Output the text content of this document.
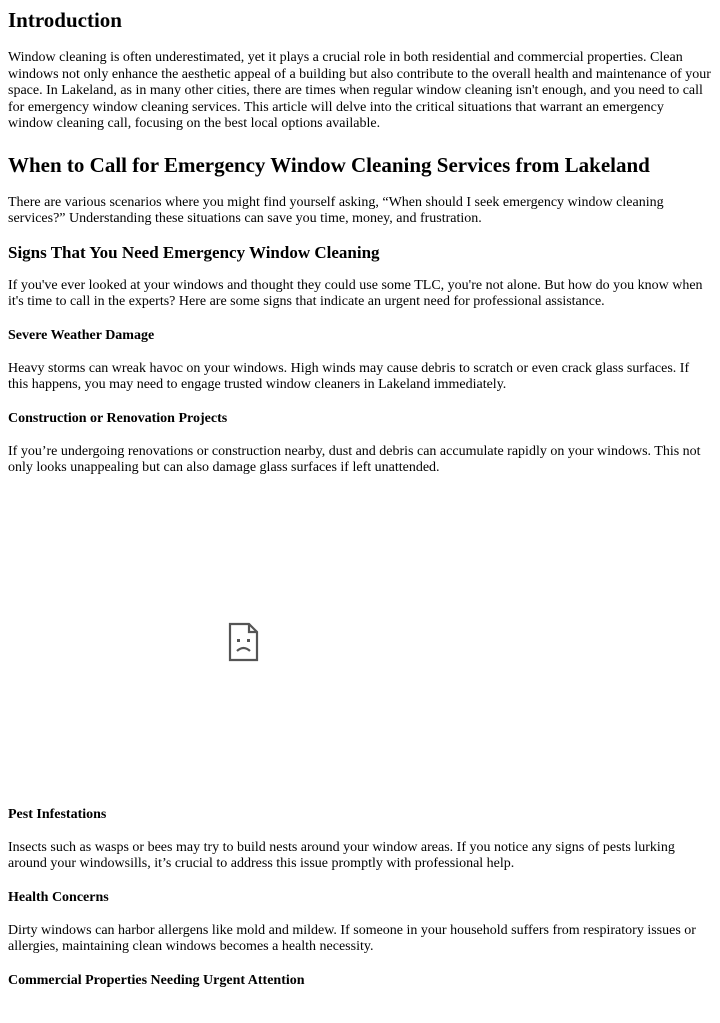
Introduction

Window cleaning is often underestimated, yet it plays a crucial role in both residential and commercial properties. Clean windows not only enhance the aesthetic appeal of a building but also contribute to the overall health and maintenance of your space. In Lakeland, as in many other cities, there are times when regular window cleaning isn't enough, and you need to call for emergency window cleaning services. This article will delve into the critical situations that warrant an emergency window cleaning call, focusing on the best local options available.

When to Call for Emergency Window Cleaning Services from Lakeland

There are various scenarios where you might find yourself asking, “When should I seek emergency window cleaning services?” Understanding these situations can save you time, money, and frustration.

Signs That You Need Emergency Window Cleaning

If you've ever looked at your windows and thought they could use some TLC, you're not alone. But how do you know when it's time to call in the experts? Here are some signs that indicate an urgent need for professional assistance.

Severe Weather Damage

Heavy storms can wreak havoc on your windows. High winds may cause debris to scratch or even crack glass surfaces. If this happens, you may need to engage trusted window cleaners in Lakeland immediately.

Construction or Renovation Projects

If you’re undergoing renovations or construction nearby, dust and debris can accumulate rapidly on your windows. This not only looks unappealing but can also damage glass surfaces if left unattended.

Pest Infestations

Insects such as wasps or bees may try to build nests around your window areas. If you notice any signs of pests lurking around your windowsills, it’s crucial to address this issue promptly with professional help.

Health Concerns

Dirty windows can harbor allergens like mold and mildew. If someone in your household suffers from respiratory issues or allergies, maintaining clean windows becomes a health necessity.

Commercial Properties Needing Urgent Attention
